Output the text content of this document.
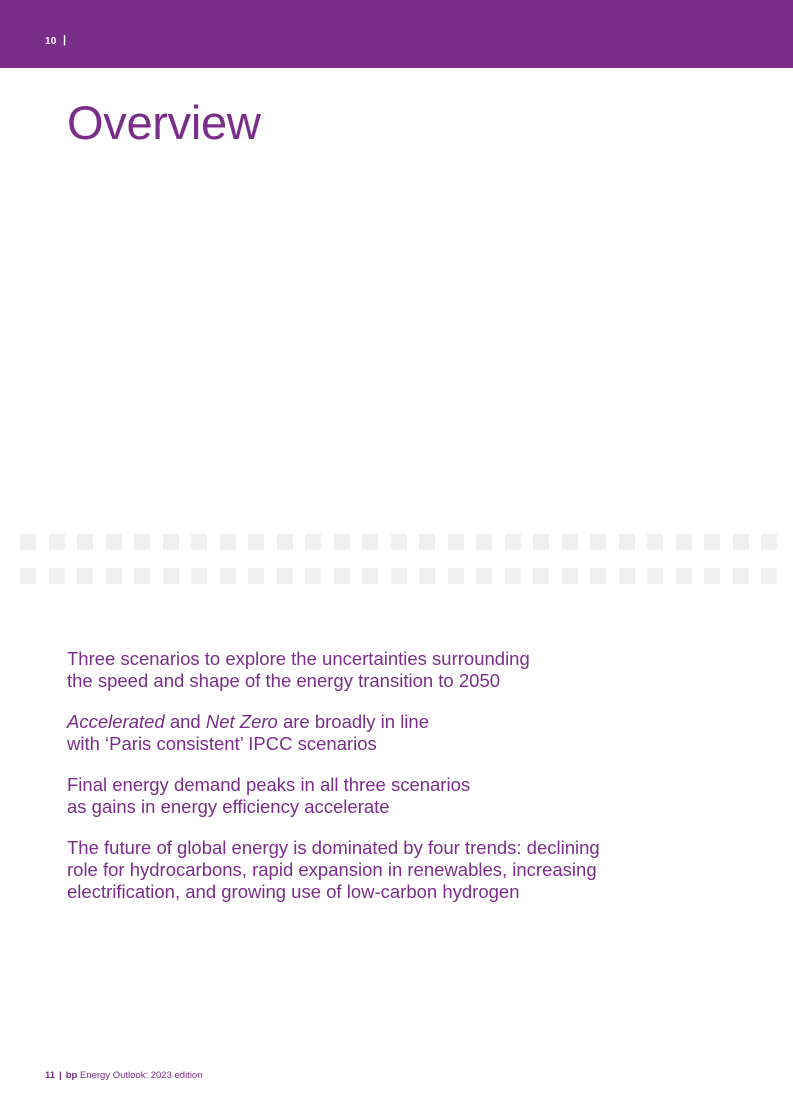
10 |
Overview

Three scenarios to explore the uncertainties surrounding
the speed and shape of the energy transition to 2050

Accelerated and Net Zero are broadly in line
with ‘Paris consistent’ IPCC scenarios

Final energy demand peaks in all three scenarios
as gains in energy efficiency accelerate

The future of global energy is dominated by four trends: declining
role for hydrocarbons, rapid expansion in renewables, increasing
electrification, and growing use of low-carbon hydrogen

11 | bp Energy Outlook: 2023 edition
